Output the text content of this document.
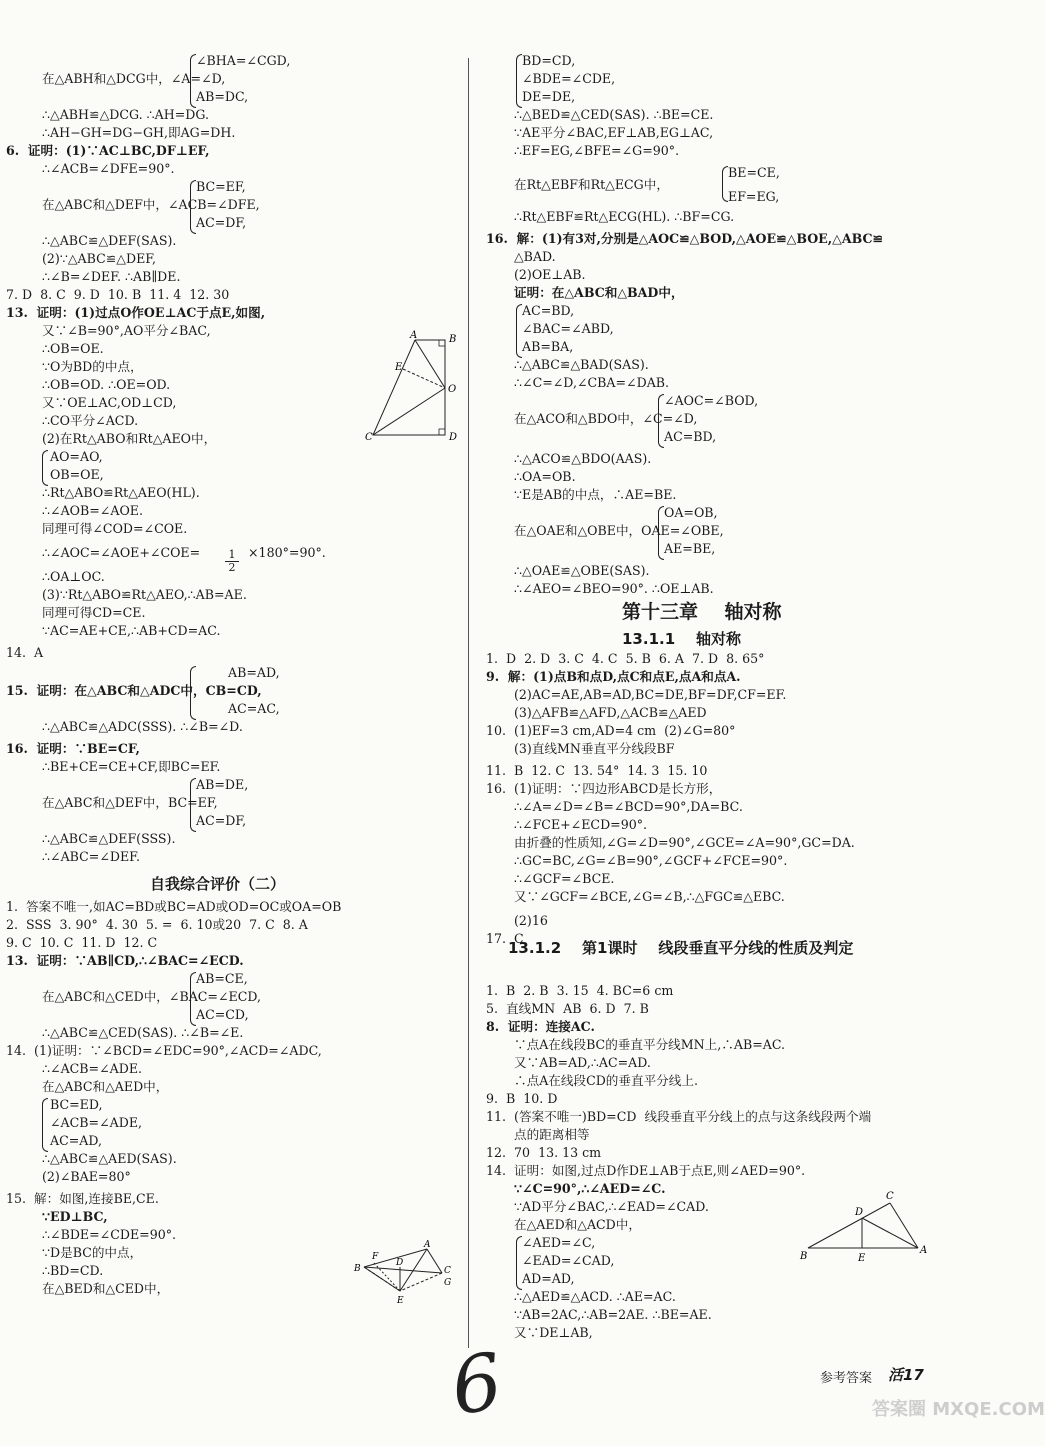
∠BHA=∠CGD,
在△ABH和△DCG中，∠A=∠D,
AB=DC,
∴△ABH≌△DCG. ∴AH=DG.
∴AH−GH=DG−GH,即AG=DH.
6.  证明：(1)∵AC⊥BC,DF⊥EF,
∴∠ACB=∠DFE=90°.
BC=EF,
在△ABC和△DEF中，∠ACB=∠DFE,
AC=DF,
∴△ABC≌△DEF(SAS).
(2)∵△ABC≌△DEF,
∴∠B=∠DEF. ∴AB∥DE.
7. D  8. C  9. D  10. B  11. 4  12. 30
13.  证明：(1)过点O作OE⊥AC于点E,如图,
又∵∠B=90°,AO平分∠BAC,
∴OB=OE.
∵O为BD的中点，
∴OB=OD. ∴OE=OD.
又∵OE⊥AC,OD⊥CD,
∴CO平分∠ACD.
(2)在Rt△ABO和Rt△AEO中，
AO=AO,
OB=OE,
∴Rt△ABO≌Rt△AEO(HL).
∴∠AOB=∠AOE.
同理可得∠COD=∠COE.
∴∠AOC=∠AOE+∠COE=	×180°=90°.
∴OA⊥OC.
(3)∵Rt△ABO≌Rt△AEO,∴AB=AE.
同理可得CD=CE.
∵AC=AE+CE,∴AB+CD=AC.
14.  A
AB=AD,
15.  证明：在△ABC和△ADC中，CB=CD,
AC=AC,
∴△ABC≌△ADC(SSS). ∴∠B=∠D.
16.  证明：∵BE=CF,
∴BE+CE=CE+CF,即BC=EF.
AB=DE,
在△ABC和△DEF中，BC=EF,
AC=DF,
∴△ABC≌△DEF(SSS).
∴∠ABC=∠DEF.
1.  答案不唯一,如AC=BD或BC=AD或OD=OC或OA=OB
2.  SSS  3. 90°  4. 30  5. =  6. 10或20  7. C  8. A
9. C  10. C  11. D  12. C
13.  证明：∵AB∥CD,∴∠BAC=∠ECD.
AB=CE,
在△ABC和△CED中，∠BAC=∠ECD,
AC=CD,
∴△ABC≌△CED(SAS). ∴∠B=∠E.
14.  (1)证明：∵∠BCD=∠EDC=90°,∠ACD=∠ADC,
∴∠ACB=∠ADE.
在△ABC和△AED中，
BC=ED,
∠ACB=∠ADE,
AC=AD,
∴△ABC≌△AED(SAS).
(2)∠BAE=80°
15.  解：如图,连接BE,CE.
∵ED⊥BC,
∴∠BDE=∠CDE=90°.
∵D是BC的中点，
∴BD=CD.
在△BED和△CED中，
BD=CD,
∠BDE=∠CDE,
DE=DE,
∴△BED≌△CED(SAS). ∴BE=CE.
∵AE平分∠BAC,EF⊥AB,EG⊥AC,
∴EF=EG,∠BFE=∠G=90°.
BE=CE,
在Rt△EBF和Rt△ECG中，
EF=EG,
∴Rt△EBF≌Rt△ECG(HL). ∴BF=CG.
16.  解：(1)有3对,分别是△AOC≌△BOD,△AOE≌△BOE,△ABC≌
△BAD.
(2)OE⊥AB.
证明：在△ABC和△BAD中，
AC=BD,
∠BAC=∠ABD,
AB=BA,
∴△ABC≌△BAD(SAS).
∴∠C=∠D,∠CBA=∠DAB.
∠AOC=∠BOD,
在△ACO和△BDO中，∠C=∠D,
AC=BD,
∴△ACO≌△BDO(AAS).
∴OA=OB.
∵E是AB的中点，∴AE=BE.
OA=OB,
在△OAE和△OBE中，OAE=∠OBE,
AE=BE,
∴△OAE≌△OBE(SAS).
∴∠AEO=∠BEO=90°. ∴OE⊥AB.
1.  D  2. D  3. C  4. C  5. B  6. A  7. D  8. 65°
9.  解：(1)点B和点D,点C和点E,点A和点A.
(2)AC=AE,AB=AD,BC=DE,BF=DF,CF=EF.
(3)△AFB≌△AFD,△ACB≌△AED
10.  (1)EF=3 cm,AD=4 cm  (2)∠G=80°
(3)直线MN垂直平分线段BF
11.  B  12. C  13. 54°  14. 3  15. 10
16.  (1)证明：∵四边形ABCD是长方形，
∴∠A=∠D=∠B=∠BCD=90°,DA=BC.
∴∠FCE+∠ECD=90°.
由折叠的性质知,∠G=∠D=90°,∠GCE=∠A=90°,GC=DA.
∴GC=BC,∠G=∠B=90°,∠GCF+∠FCE=90°.
∴∠GCF=∠BCE.
又∵∠GCF=∠BCE,∠G=∠B,∴△FGC≌△EBC.
(2)16
17.  C
1.  B  2. B  3. 15  4. BC=6 cm
5.  直线MN  AB  6. D  7. B
8.  证明：连接AC.
∵点A在线段BC的垂直平分线MN上,∴AB=AC.
又∵AB=AD,∴AC=AD.
∴点A在线段CD的垂直平分线上.
9.  B  10. D
11.  (答案不唯一)BD=CD  线段垂直平分线上的点与这条线段两个端
点的距离相等
12.  70  13. 13 cm
14.  证明：如图,过点D作DE⊥AB于点E,则∠AED=90°.
∵∠C=90°,∴∠AED=∠C.
∵AD平分∠BAC,∴∠EAD=∠CAD.
在△AED和△ACD中，
∠AED=∠C,
∠EAD=∠CAD,
AD=AD,
∴△AED≌△ACD. ∴AE=AC.
∵AB=2AC,∴AB=2AE. ∴BE=AE.
又∵DE⊥AB,
自我综合评价（二）
$\frac{1}{2}$
第十三章    轴对称
13.1.1    轴对称
13.1.2    第1课时    线段垂直平分线的性质及判定
A	B
E
O
C	D
A
B
F
D
C
G
E
C
D
B	E
A
参考答案 活17
6	答案圈 MXQE.COM
